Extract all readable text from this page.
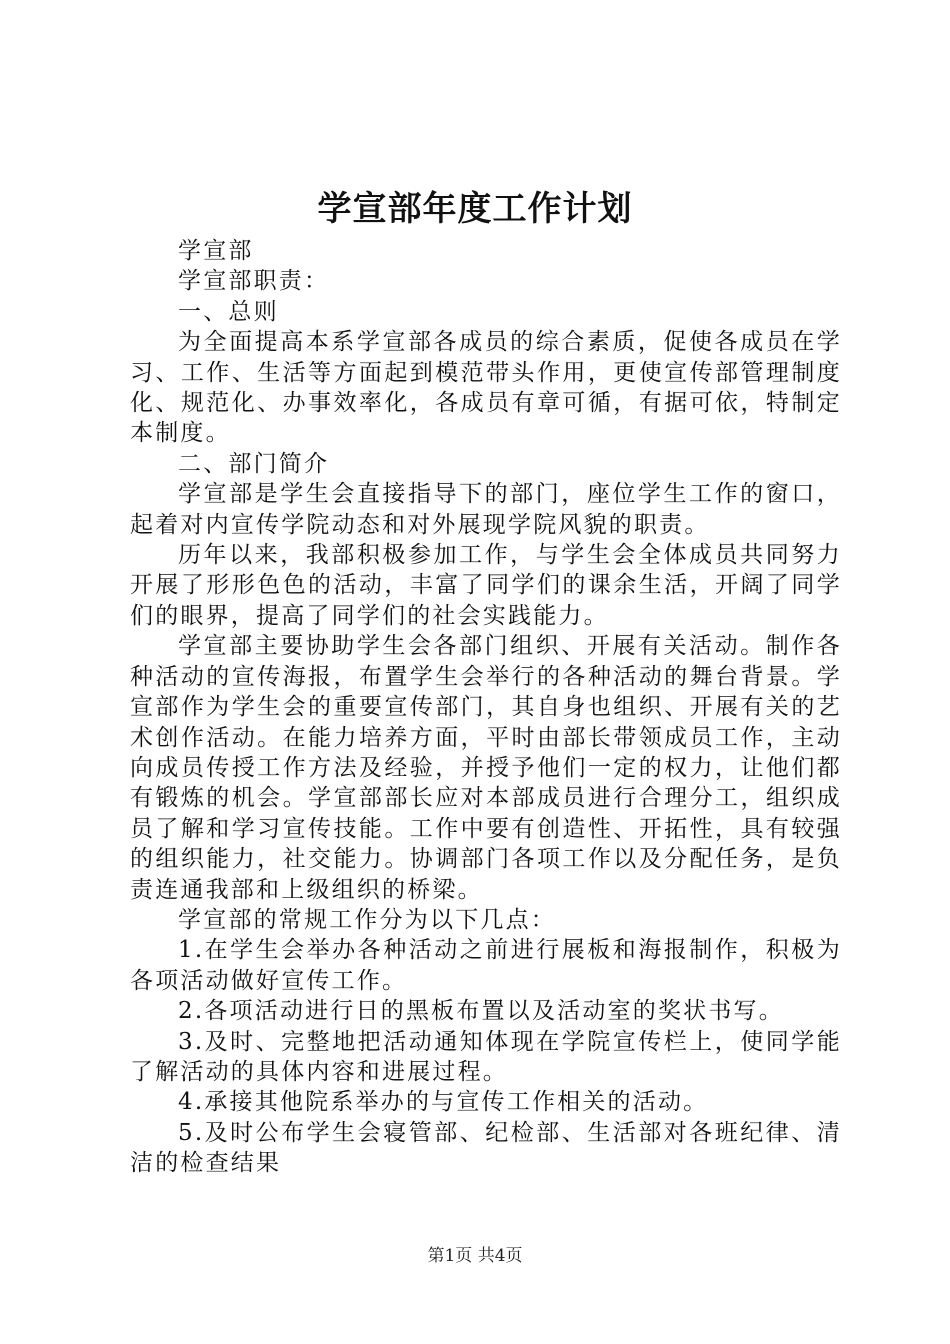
学宣部年度工作计划

学宣部

学宣部职责：

一、总则

为全面提高本系学宣部各成员的综合素质，促使各成员在学习、工作、生活等方面起到模范带头作用，更使宣传部管理制度化、规范化、办事效率化，各成员有章可循，有据可依，特制定本制度。

二、部门简介

学宣部是学生会直接指导下的部门，座位学生工作的窗口，起着对内宣传学院动态和对外展现学院风貌的职责。

历年以来，我部积极参加工作，与学生会全体成员共同努力开展了形形色色的活动，丰富了同学们的课余生活，开阔了同学们的眼界，提高了同学们的社会实践能力。

学宣部主要协助学生会各部门组织、开展有关活动。制作各种活动的宣传海报，布置学生会举行的各种活动的舞台背景。学宣部作为学生会的重要宣传部门，其自身也组织、开展有关的艺术创作活动。在能力培养方面，平时由部长带领成员工作，主动向成员传授工作方法及经验，并授予他们一定的权力，让他们都有锻炼的机会。学宣部部长应对本部成员进行合理分工，组织成员了解和学习宣传技能。工作中要有创造性、开拓性，具有较强的组织能力，社交能力。协调部门各项工作以及分配任务，是负责连通我部和上级组织的桥梁。

学宣部的常规工作分为以下几点：

1.在学生会举办各种活动之前进行展板和海报制作，积极为各项活动做好宣传工作。

2.各项活动进行日的黑板布置以及活动室的奖状书写。

3.及时、完整地把活动通知体现在学院宣传栏上，使同学能了解活动的具体内容和进展过程。

4.承接其他院系举办的与宣传工作相关的活动。

5.及时公布学生会寝管部、纪检部、生活部对各班纪律、清洁的检查结果

第1页 共4页
